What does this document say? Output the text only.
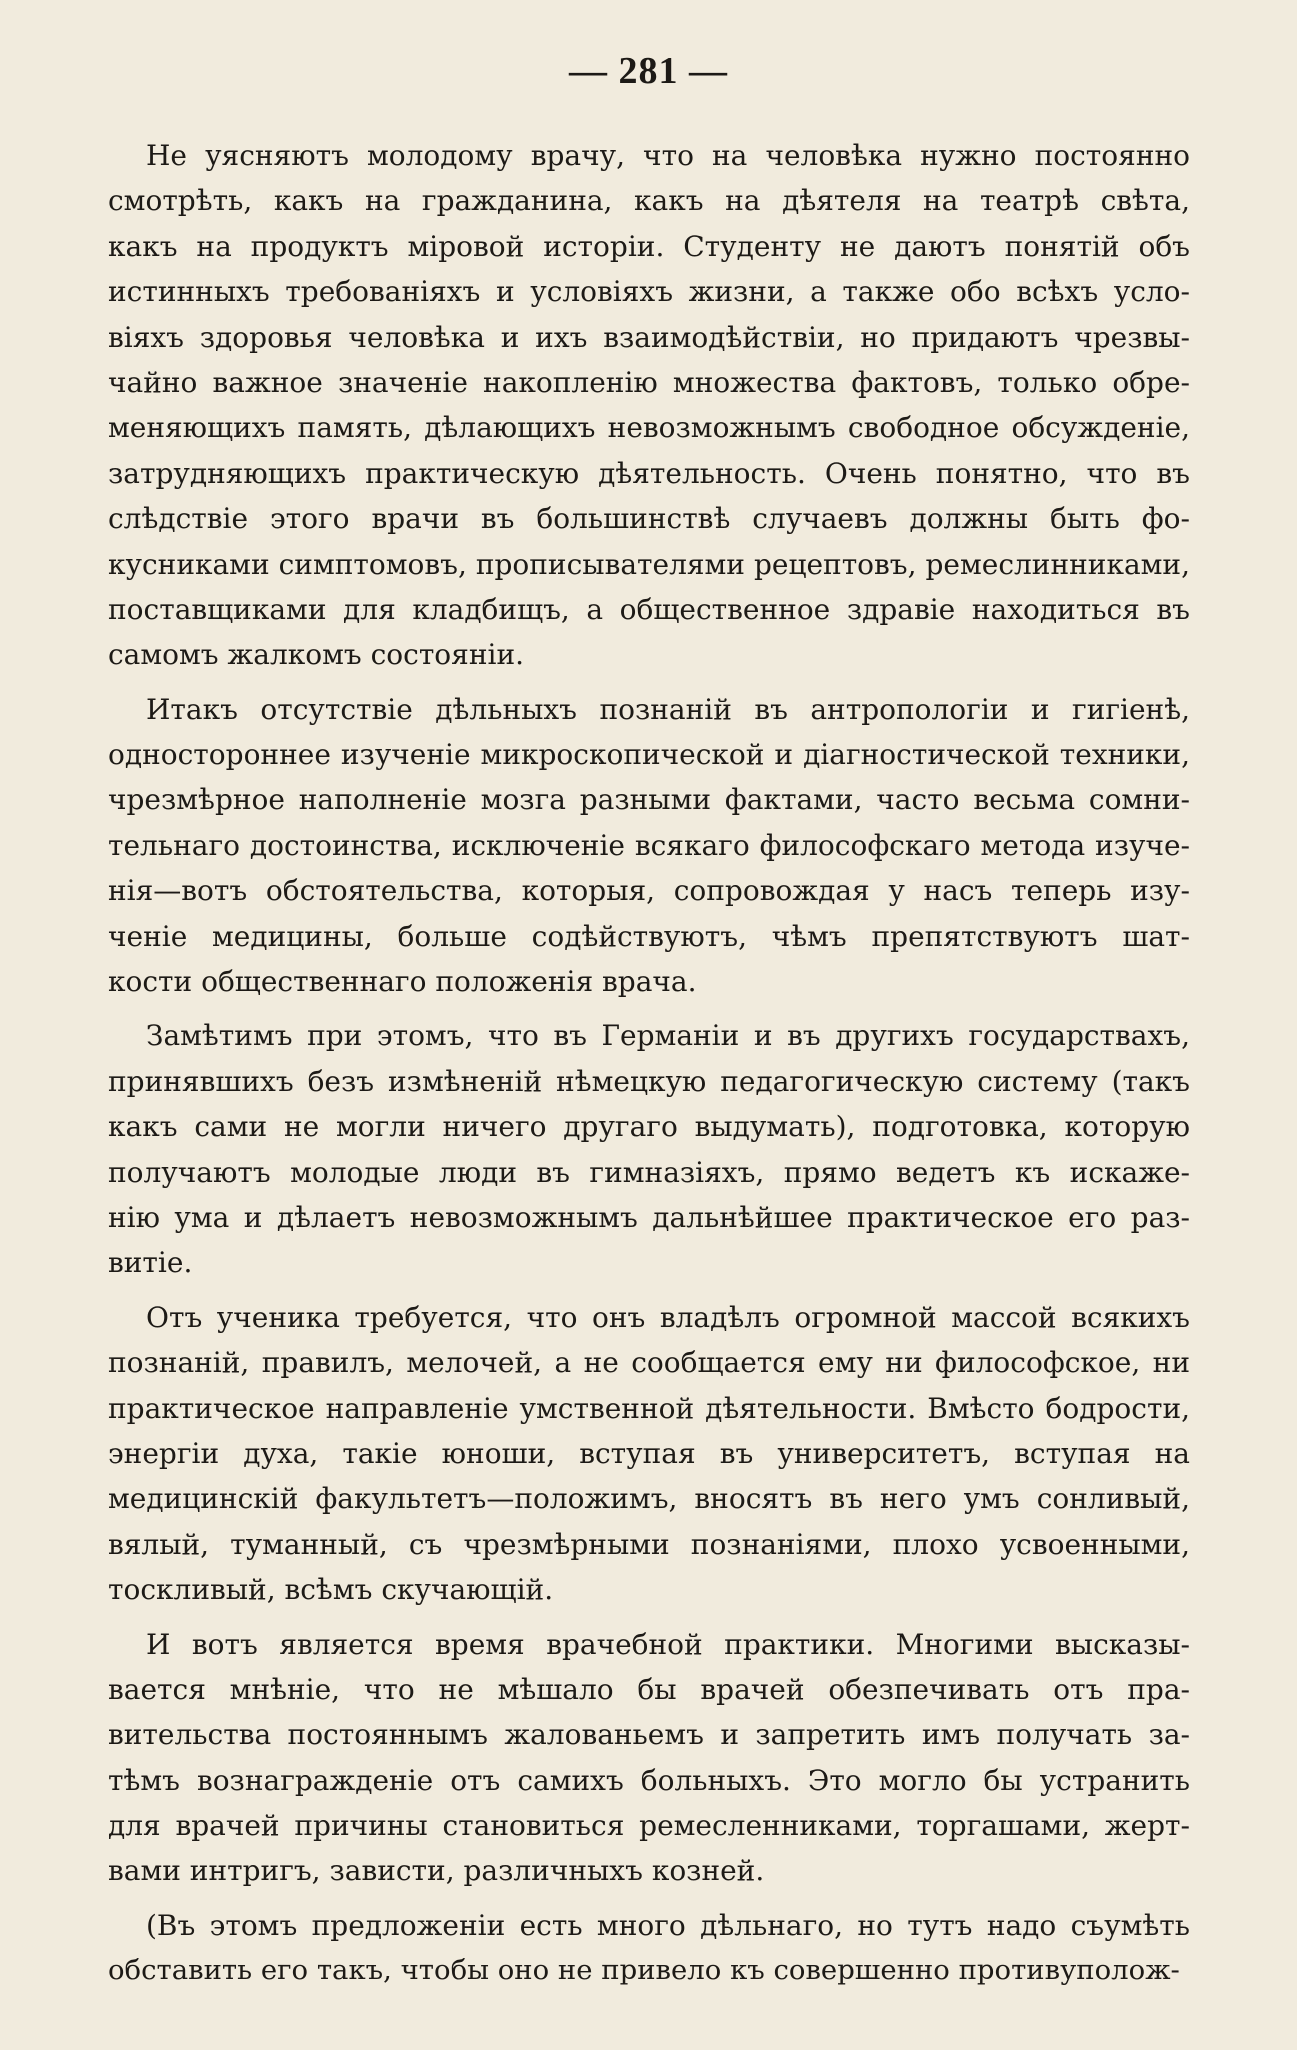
— 281 —
Не уясняютъ молодому врачу, что на человѣка нужно постоянно
смотрѣть, какъ на гражданина, какъ на дѣятеля на театрѣ свѣта,
какъ на продуктъ міровой исторіи. Студенту не даютъ понятій объ
истинныхъ требованіяхъ и условіяхъ жизни, а также обо всѣхъ усло-
віяхъ здоровья человѣка и ихъ взаимодѣйствіи, но придаютъ чрезвы-
чайно важное значеніе накопленію множества фактовъ, только обре-
меняющихъ память, дѣлающихъ невозможнымъ свободное обсужденіе,
затрудняющихъ практическую дѣятельность. Очень понятно, что въ
слѣдствіе этого врачи въ большинствѣ случаевъ должны быть фо-
кусниками симптомовъ, прописывателями рецептовъ, ремеслинниками,
поставщиками для кладбищъ, а общественное здравіе находиться въ
самомъ жалкомъ состояніи.
Итакъ отсутствіе дѣльныхъ познаній въ антропологіи и гигіенѣ,
одностороннее изученіе микроскопической и діагностической техники,
чрезмѣрное наполненіе мозга разными фактами, часто весьма сомни-
тельнаго достоинства, исключеніе всякаго философскаго метода изуче-
нія—вотъ обстоятельства, которыя, сопровождая у насъ теперь изу-
ченіе медицины, больше содѣйствуютъ, чѣмъ препятствуютъ шат-
кости общественнаго положенія врача.
Замѣтимъ при этомъ, что въ Германіи и въ другихъ государствахъ,
принявшихъ безъ измѣненій нѣмецкую педагогическую систему (такъ
какъ сами не могли ничего другаго выдумать), подготовка, которую
получаютъ молодые люди въ гимназіяхъ, прямо ведетъ къ искаже-
нію ума и дѣлаетъ невозможнымъ дальнѣйшее практическое его раз-
витіе.
Отъ ученика требуется, что онъ владѣлъ огромной массой всякихъ
познаній, правилъ, мелочей, а не сообщается ему ни философское, ни
практическое направленіе умственной дѣятельности. Вмѣсто бодрости,
энергіи духа, такіе юноши, вступая въ университетъ, вступая на
медицинскій факультетъ—положимъ, вносятъ въ него умъ сонливый,
вялый, туманный, съ чрезмѣрными познаніями, плохо усвоенными,
тоскливый, всѣмъ скучающій.
И вотъ является время врачебной практики. Многими высказы-
вается мнѣніе, что не мѣшало бы врачей обезпечивать отъ пра-
вительства постояннымъ жалованьемъ и запретить имъ получать за-
тѣмъ вознагражденіе отъ самихъ больныхъ. Это могло бы устранить
для врачей причины становиться ремесленниками, торгашами, жерт-
вами интригъ, зависти, различныхъ козней.
(Въ этомъ предложеніи есть много дѣльнаго, но тутъ надо съумѣть
обставить его такъ, чтобы оно не привело къ совершенно противуполож-
